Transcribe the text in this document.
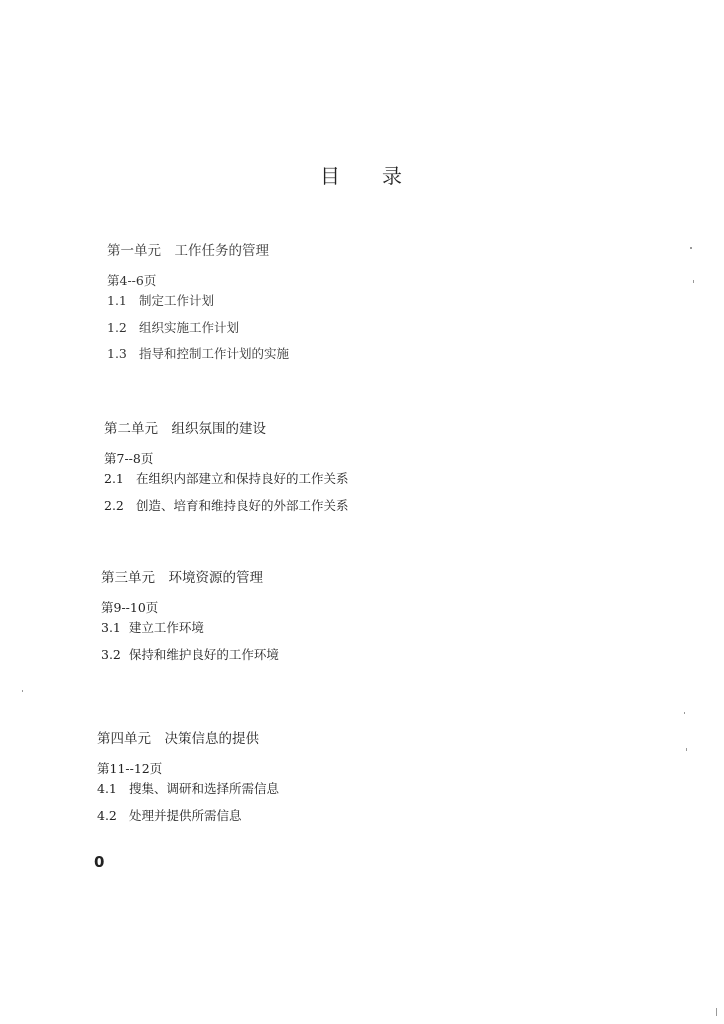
目 录
第一单元　工作任务的管理
第4--6页
1.1 制定工作计划
1.2 组织实施工作计划
1.3 指导和控制工作计划的实施
第二单元　组织氛围的建设
第7--8页
2.1 在组织内部建立和保持良好的工作关系
2.2 创造、培育和维持良好的外部工作关系
第三单元　环境资源的管理
第9--10页
3.1 建立工作环境
3.2 保持和维护良好的工作环境
第四单元　决策信息的提供
第11--12页
4.1 搜集、调研和选择所需信息
4.2 处理并提供所需信息
0
